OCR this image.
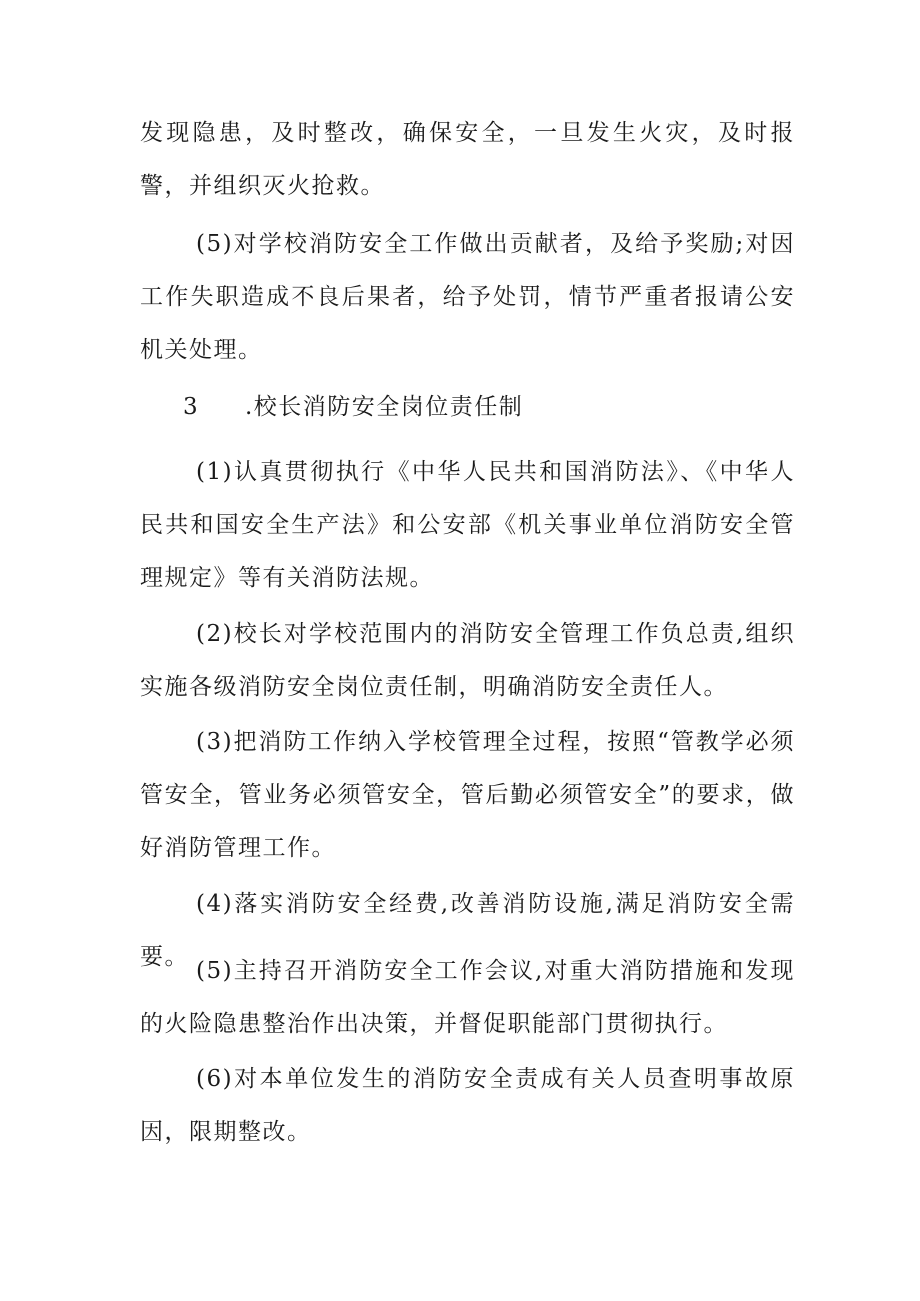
发现隐患，及时整改，确保安全，一旦发生火灾，及时报警，并组织灭火抢救。

(5)对学校消防安全工作做出贡献者，及给予奖励;对因工作失职造成不良后果者，给予处罚，情节严重者报请公安机关处理。

3 .校长消防安全岗位责任制

(1)认真贯彻执行《中华人民共和国消防法》、《中华人民共和国安全生产法》和公安部《机关事业单位消防安全管理规定》等有关消防法规。

(2)校长对学校范围内的消防安全管理工作负总责,组织实施各级消防安全岗位责任制，明确消防安全责任人。

(3)把消防工作纳入学校管理全过程，按照“管教学必须管安全，管业务必须管安全，管后勤必须管安全”的要求，做好消防管理工作。

(4)落实消防安全经费,改善消防设施,满足消防安全需要。

(5)主持召开消防安全工作会议,对重大消防措施和发现的火险隐患整治作出决策，并督促职能部门贯彻执行。

(6)对本单位发生的消防安全责成有关人员查明事故原因，限期整改。
